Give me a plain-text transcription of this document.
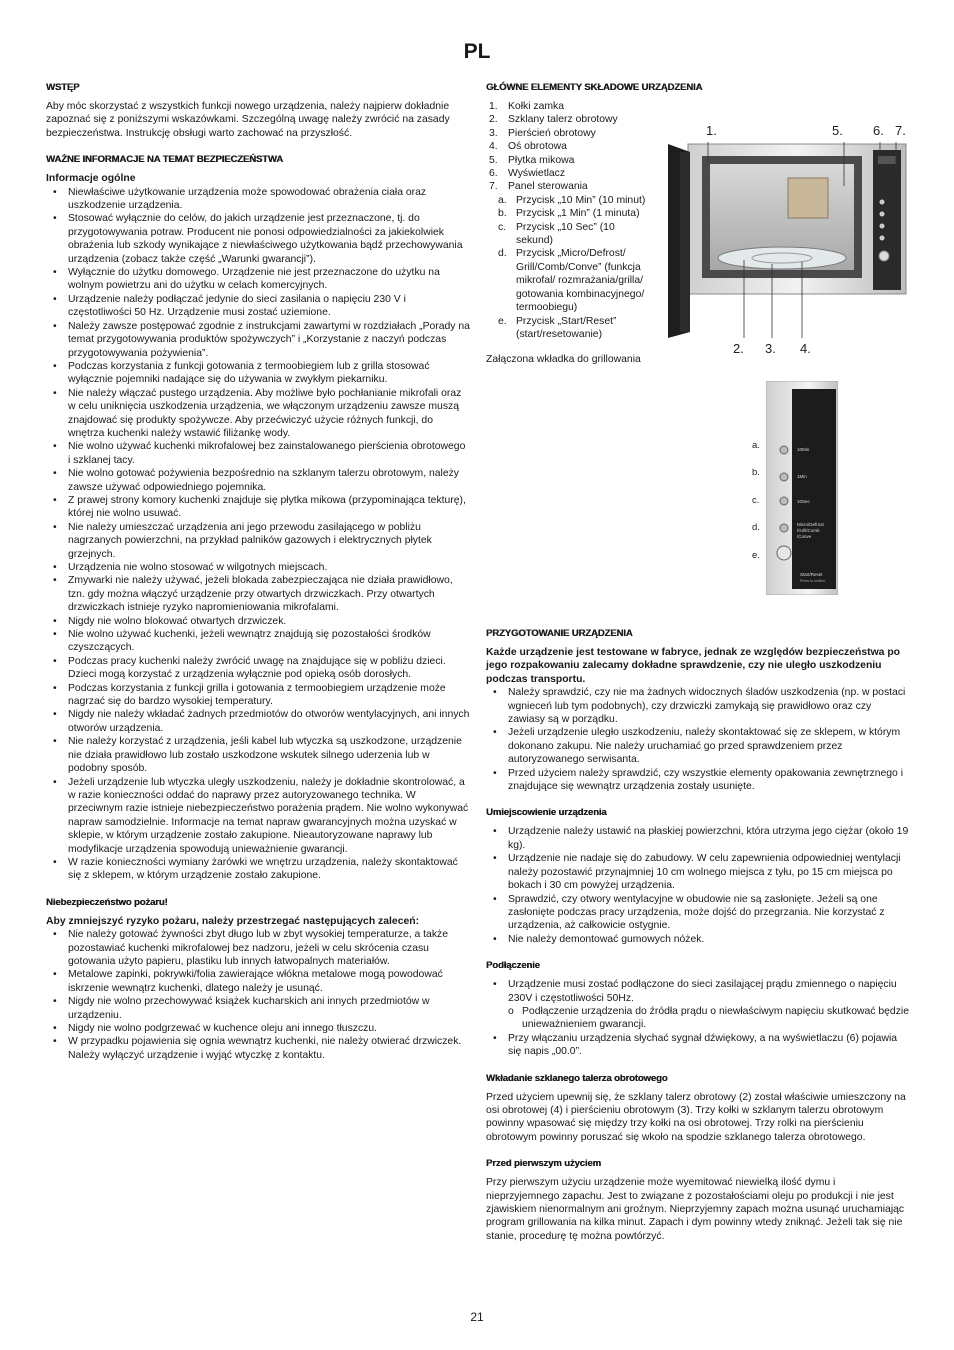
PL
WSTĘP

Aby móc skorzystać z wszystkich funkcji nowego urządzenia, należy najpierw dokładnie zapoznać się z poniższymi wskazówkami. Szczególną uwagę należy zwrócić na zasady bezpieczeństwa. Instrukcję obsługi warto zachować na przyszłość.

WAŻNE INFORMACJE NA TEMAT BEZPIECZEŃSTWA

Informacje ogólne

• Niewłaściwe użytkowanie urządzenia może spowodować obrażenia ciała oraz uszkodzenie urządzenia.
• Stosować wyłącznie do celów, do jakich urządzenie jest przeznaczone, tj. do przygotowywania potraw. Producent nie ponosi odpowiedzialności za jakiekolwiek obrażenia lub szkody wynikające z niewłaściwego użytkowania bądź przechowywania urządzenia (zobacz także część „Warunki gwarancji”).
• Wyłącznie do użytku domowego. Urządzenie nie jest przeznaczone do użytku na wolnym powietrzu ani do użytku w celach komercyjnych.
• Urządzenie należy podłączać jedynie do sieci zasilania o napięciu 230 V i częstotliwości 50 Hz. Urządzenie musi zostać uziemione.
• Należy zawsze postępować zgodnie z instrukcjami zawartymi w rozdziałach „Porady na temat przygotowywania produktów spożywczych” i „Korzystanie z naczyń podczas przygotowywania pożywienia”.
• Podczas korzystania z funkcji gotowania z termoobiegiem lub z grilla stosować wyłącznie pojemniki nadające się do używania w zwykłym piekarniku.
• Nie należy włączać pustego urządzenia. Aby możliwe było pochłanianie mikrofali oraz w celu uniknięcia uszkodzenia urządzenia, we włączonym urządzeniu zawsze muszą znajdować się produkty spożywcze. Aby przećwiczyć użycie różnych funkcji, do wnętrza kuchenki należy wstawić filiżankę wody.
• Nie wolno używać kuchenki mikrofalowej bez zainstalowanego pierścienia obrotowego i szklanej tacy.
• Nie wolno gotować pożywienia bezpośrednio na szklanym talerzu obrotowym, należy zawsze używać odpowiedniego pojemnika.
• Z prawej strony komory kuchenki znajduje się płytka mikowa (przypominająca tekturę), której nie wolno usuwać.
• Nie należy umieszczać urządzenia ani jego przewodu zasilającego w pobliżu nagrzanych powierzchni, na przykład palników gazowych i elektrycznych płytek grzejnych.
• Urządzenia nie wolno stosować w wilgotnych miejscach.
• Zmywarki nie należy używać, jeżeli blokada zabezpieczająca nie działa prawidłowo, tzn. gdy można włączyć urządzenie przy otwartych drzwiczkach. Przy otwartych drzwiczkach istnieje ryzyko napromieniowania mikrofalami.
• Nigdy nie wolno blokować otwartych drzwiczek.
• Nie wolno używać kuchenki, jeżeli wewnątrz znajdują się pozostałości środków czyszczących.
• Podczas pracy kuchenki należy zwrócić uwagę na znajdujące się w pobliżu dzieci. Dzieci mogą korzystać z urządzenia wyłącznie pod opieką osób dorosłych.
• Podczas korzystania z funkcji grilla i gotowania z termoobiegiem urządzenie może nagrzać się do bardzo wysokiej temperatury.
• Nigdy nie należy wkładać żadnych przedmiotów do otworów wentylacyjnych, ani innych otworów urządzenia.
• Nie należy korzystać z urządzenia, jeśli kabel lub wtyczka są uszkodzone, urządzenie nie działa prawidłowo lub zostało uszkodzone wskutek silnego uderzenia lub w podobny sposób.
• Jeżeli urządzenie lub wtyczka uległy uszkodzeniu, należy je dokładnie skontrolować, a w razie konieczności oddać do naprawy przez autoryzowanego technika. W przeciwnym razie istnieje niebezpieczeństwo porażenia prądem. Nie wolno wykonywać napraw samodzielnie. Informacje na temat napraw gwarancyjnych można uzyskać w sklepie, w którym urządzenie zostało zakupione. Nieautoryzowane naprawy lub modyfikacje urządzenia spowodują unieważnienie gwarancji.
• W razie konieczności wymiany żarówki we wnętrzu urządzenia, należy skontaktować się z sklepem, w którym urządzenie zostało zakupione.
Niebezpieczeństwo pożaru!

Aby zmniejszyć ryzyko pożaru, należy przestrzegać następujących zaleceń:

• Nie należy gotować żywności zbyt długo lub w zbyt wysokiej temperaturze, a także pozostawiać kuchenki mikrofalowej bez nadzoru, jeżeli w celu skrócenia czasu gotowania użyto papieru, plastiku lub innych łatwopalnych materiałów.
• Metalowe zapinki, pokrywki/folia zawierające włókna metalowe mogą powodować iskrzenie wewnątrz kuchenki, dlatego należy je usunąć.
• Nigdy nie wolno przechowywać książek kucharskich ani innych przedmiotów w urządzeniu.
• Nigdy nie wolno podgrzewać w kuchence oleju ani innego tłuszczu.
• W przypadku pojawienia się ognia wewnątrz kuchenki, nie należy otwierać drzwiczek. Należy wyłączyć urządzenie i wyjąć wtyczkę z kontaktu.
GŁÓWNE ELEMENTY SKŁADOWE URZĄDZENIA
1. Kołki zamka
2. Szklany talerz obrotowy
3. Pierścień obrotowy
4. Oś obrotowa
5. Płytka mikowa
6. Wyświetlacz
7. Panel sterowania
a. Przycisk „10 Min” (10 minut)
b. Przycisk „1 Min” (1 minuta)
c. Przycisk „10 Sec” (10 sekund)
d. Przycisk „Micro/Defrost/ Grill/Comb/Conve” (funkcja mikrofal/ rozmrażania/grilla/ gotowania kombinacyjnego/ termoobiegu)
e. Przycisk „Start/Reset” (start/resetowanie)

Załączona wkładka do grillowania

1.	5. 6. 7.
2. 3. 4.
a.
b.
c.
d.
e.
10Min
1Min
10Sec
Micro/Defrost
/Grill/Comb
/Conve
Start/Reset
Press to confirm
PRZYGOTOWANIE URZĄDZENIA

Każde urządzenie jest testowane w fabryce, jednak ze względów bezpieczeństwa po jego rozpakowaniu zalecamy dokładne sprawdzenie, czy nie uległo uszkodzeniu podczas transportu.

• Należy sprawdzić, czy nie ma żadnych widocznych śladów uszkodzenia (np. w postaci wgnieceń lub tym podobnych), czy drzwiczki zamykają się prawidłowo oraz czy zawiasy są w porządku.
• Jeżeli urządzenie uległo uszkodzeniu, należy skontaktować się ze sklepem, w którym dokonano zakupu. Nie należy uruchamiać go przed sprawdzeniem przez autoryzowanego serwisanta.
• Przed użyciem należy sprawdzić, czy wszystkie elementy opakowania zewnętrznego i znajdujące się wewnątrz urządzenia zostały usunięte.
Umiejscowienie urządzenia
• Urządzenie należy ustawić na płaskiej powierzchni, która utrzyma jego ciężar (około 19 kg).
• Urządzenie nie nadaje się do zabudowy. W celu zapewnienia odpowiedniej wentylacji należy pozostawić przynajmniej 10 cm wolnego miejsca z tyłu, po 15 cm miejsca po bokach i 30 cm powyżej urządzenia.
• Sprawdzić, czy otwory wentylacyjne w obudowie nie są zasłonięte. Jeżeli są one zasłonięte podczas pracy urządzenia, może dojść do przegrzania. Nie korzystać z urządzenia, aż całkowicie ostygnie.
• Nie należy demontować gumowych nóżek.
Podłączenie
• Urządzenie musi zostać podłączone do sieci zasilającej prądu zmiennego o napięciu 230V i częstotliwości 50Hz.
o Podłączenie urządzenia do źródła prądu o niewłaściwym napięciu skutkować będzie unieważnieniem gwarancji.
• Przy włączaniu urządzenia słychać sygnał dźwiękowy, a na wyświetlaczu (6) pojawia się napis „00.0”.
Wkładanie szklanego talerza obrotowego

Przed użyciem upewnij się, że szklany talerz obrotowy (2) został właściwie umieszczony na osi obrotowej (4) i pierścieniu obrotowym (3). Trzy kołki w szklanym talerzu obrotowym powinny wpasować się między trzy kołki na osi obrotowej. Trzy rolki na pierścieniu obrotowym powinny poruszać się wkoło na spodzie szklanego talerza obrotowego.

Przed pierwszym użyciem

Przy pierwszym użyciu urządzenie może wyemitować niewielką ilość dymu i nieprzyjemnego zapachu. Jest to związane z pozostałościami oleju po produkcji i nie jest zjawiskiem nienormalnym ani groźnym. Nieprzyjemny zapach można usunąć uruchamiając program grillowania na kilka minut. Zapach i dym powinny wtedy zniknąć. Jeżeli tak się nie stanie, procedurę tę można powtórzyć.

21
